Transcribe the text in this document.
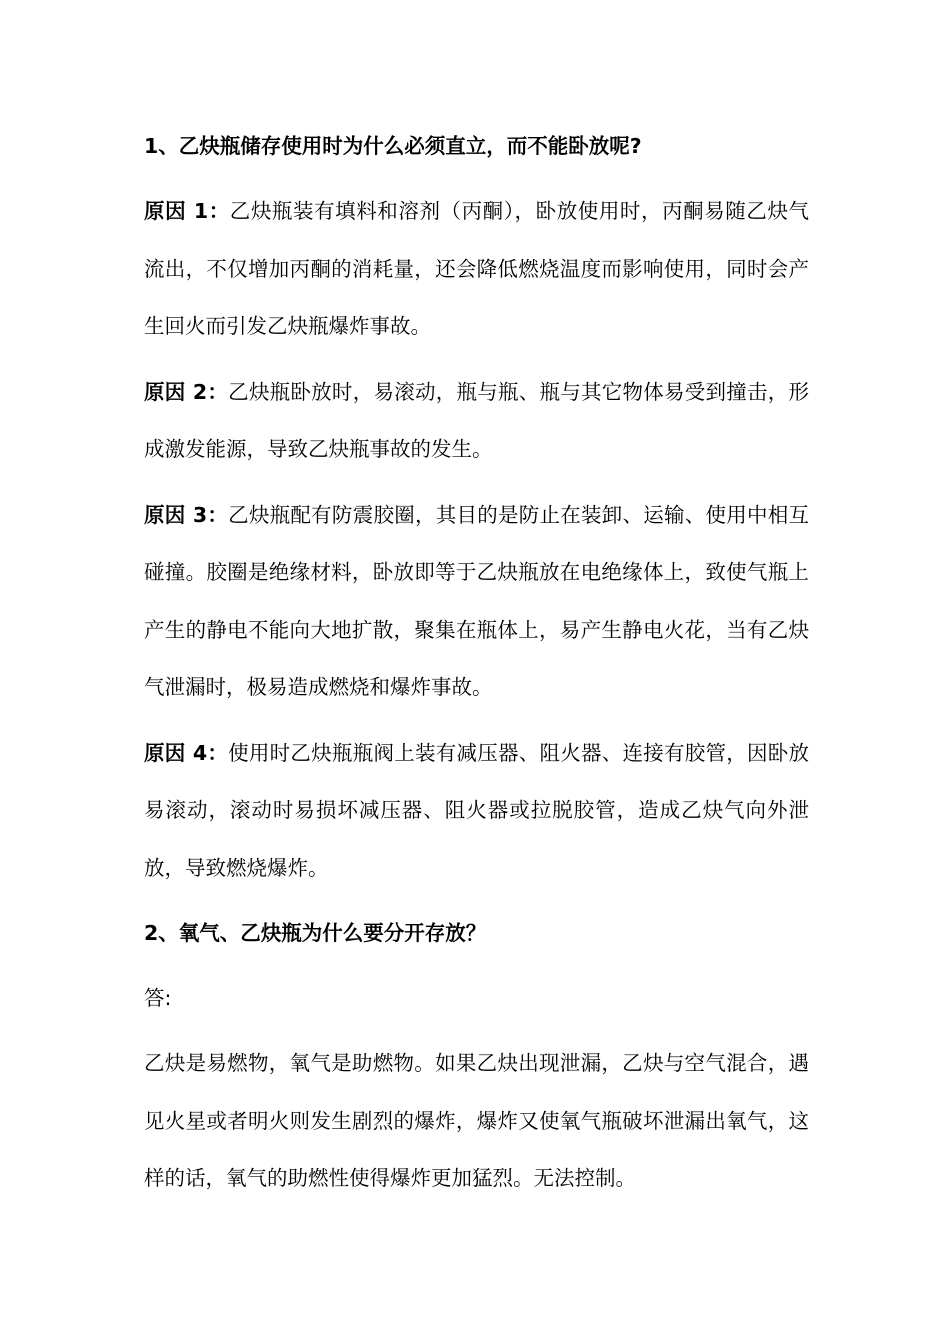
1、乙炔瓶储存使用时为什么必须直立，而不能卧放呢?

原因 1：乙炔瓶装有填料和溶剂（丙酮），卧放使用时，丙酮易随乙炔气流出，不仅增加丙酮的消耗量，还会降低燃烧温度而影响使用，同时会产生回火而引发乙炔瓶爆炸事故。

原因 2：乙炔瓶卧放时，易滚动，瓶与瓶、瓶与其它物体易受到撞击，形成激发能源，导致乙炔瓶事故的发生。

原因 3：乙炔瓶配有防震胶圈，其目的是防止在装卸、运输、使用中相互碰撞。胶圈是绝缘材料，卧放即等于乙炔瓶放在电绝缘体上，致使气瓶上产生的静电不能向大地扩散，聚集在瓶体上，易产生静电火花，当有乙炔气泄漏时，极易造成燃烧和爆炸事故。

原因 4：使用时乙炔瓶瓶阀上装有减压器、阻火器、连接有胶管，因卧放易滚动，滚动时易损坏减压器、阻火器或拉脱胶管，造成乙炔气向外泄放，导致燃烧爆炸。

2、氧气、乙炔瓶为什么要分开存放？

答:

乙炔是易燃物，氧气是助燃物。如果乙炔出现泄漏，乙炔与空气混合，遇见火星或者明火则发生剧烈的爆炸，爆炸又使氧气瓶破坏泄漏出氧气，这样的话，氧气的助燃性使得爆炸更加猛烈。无法控制。
